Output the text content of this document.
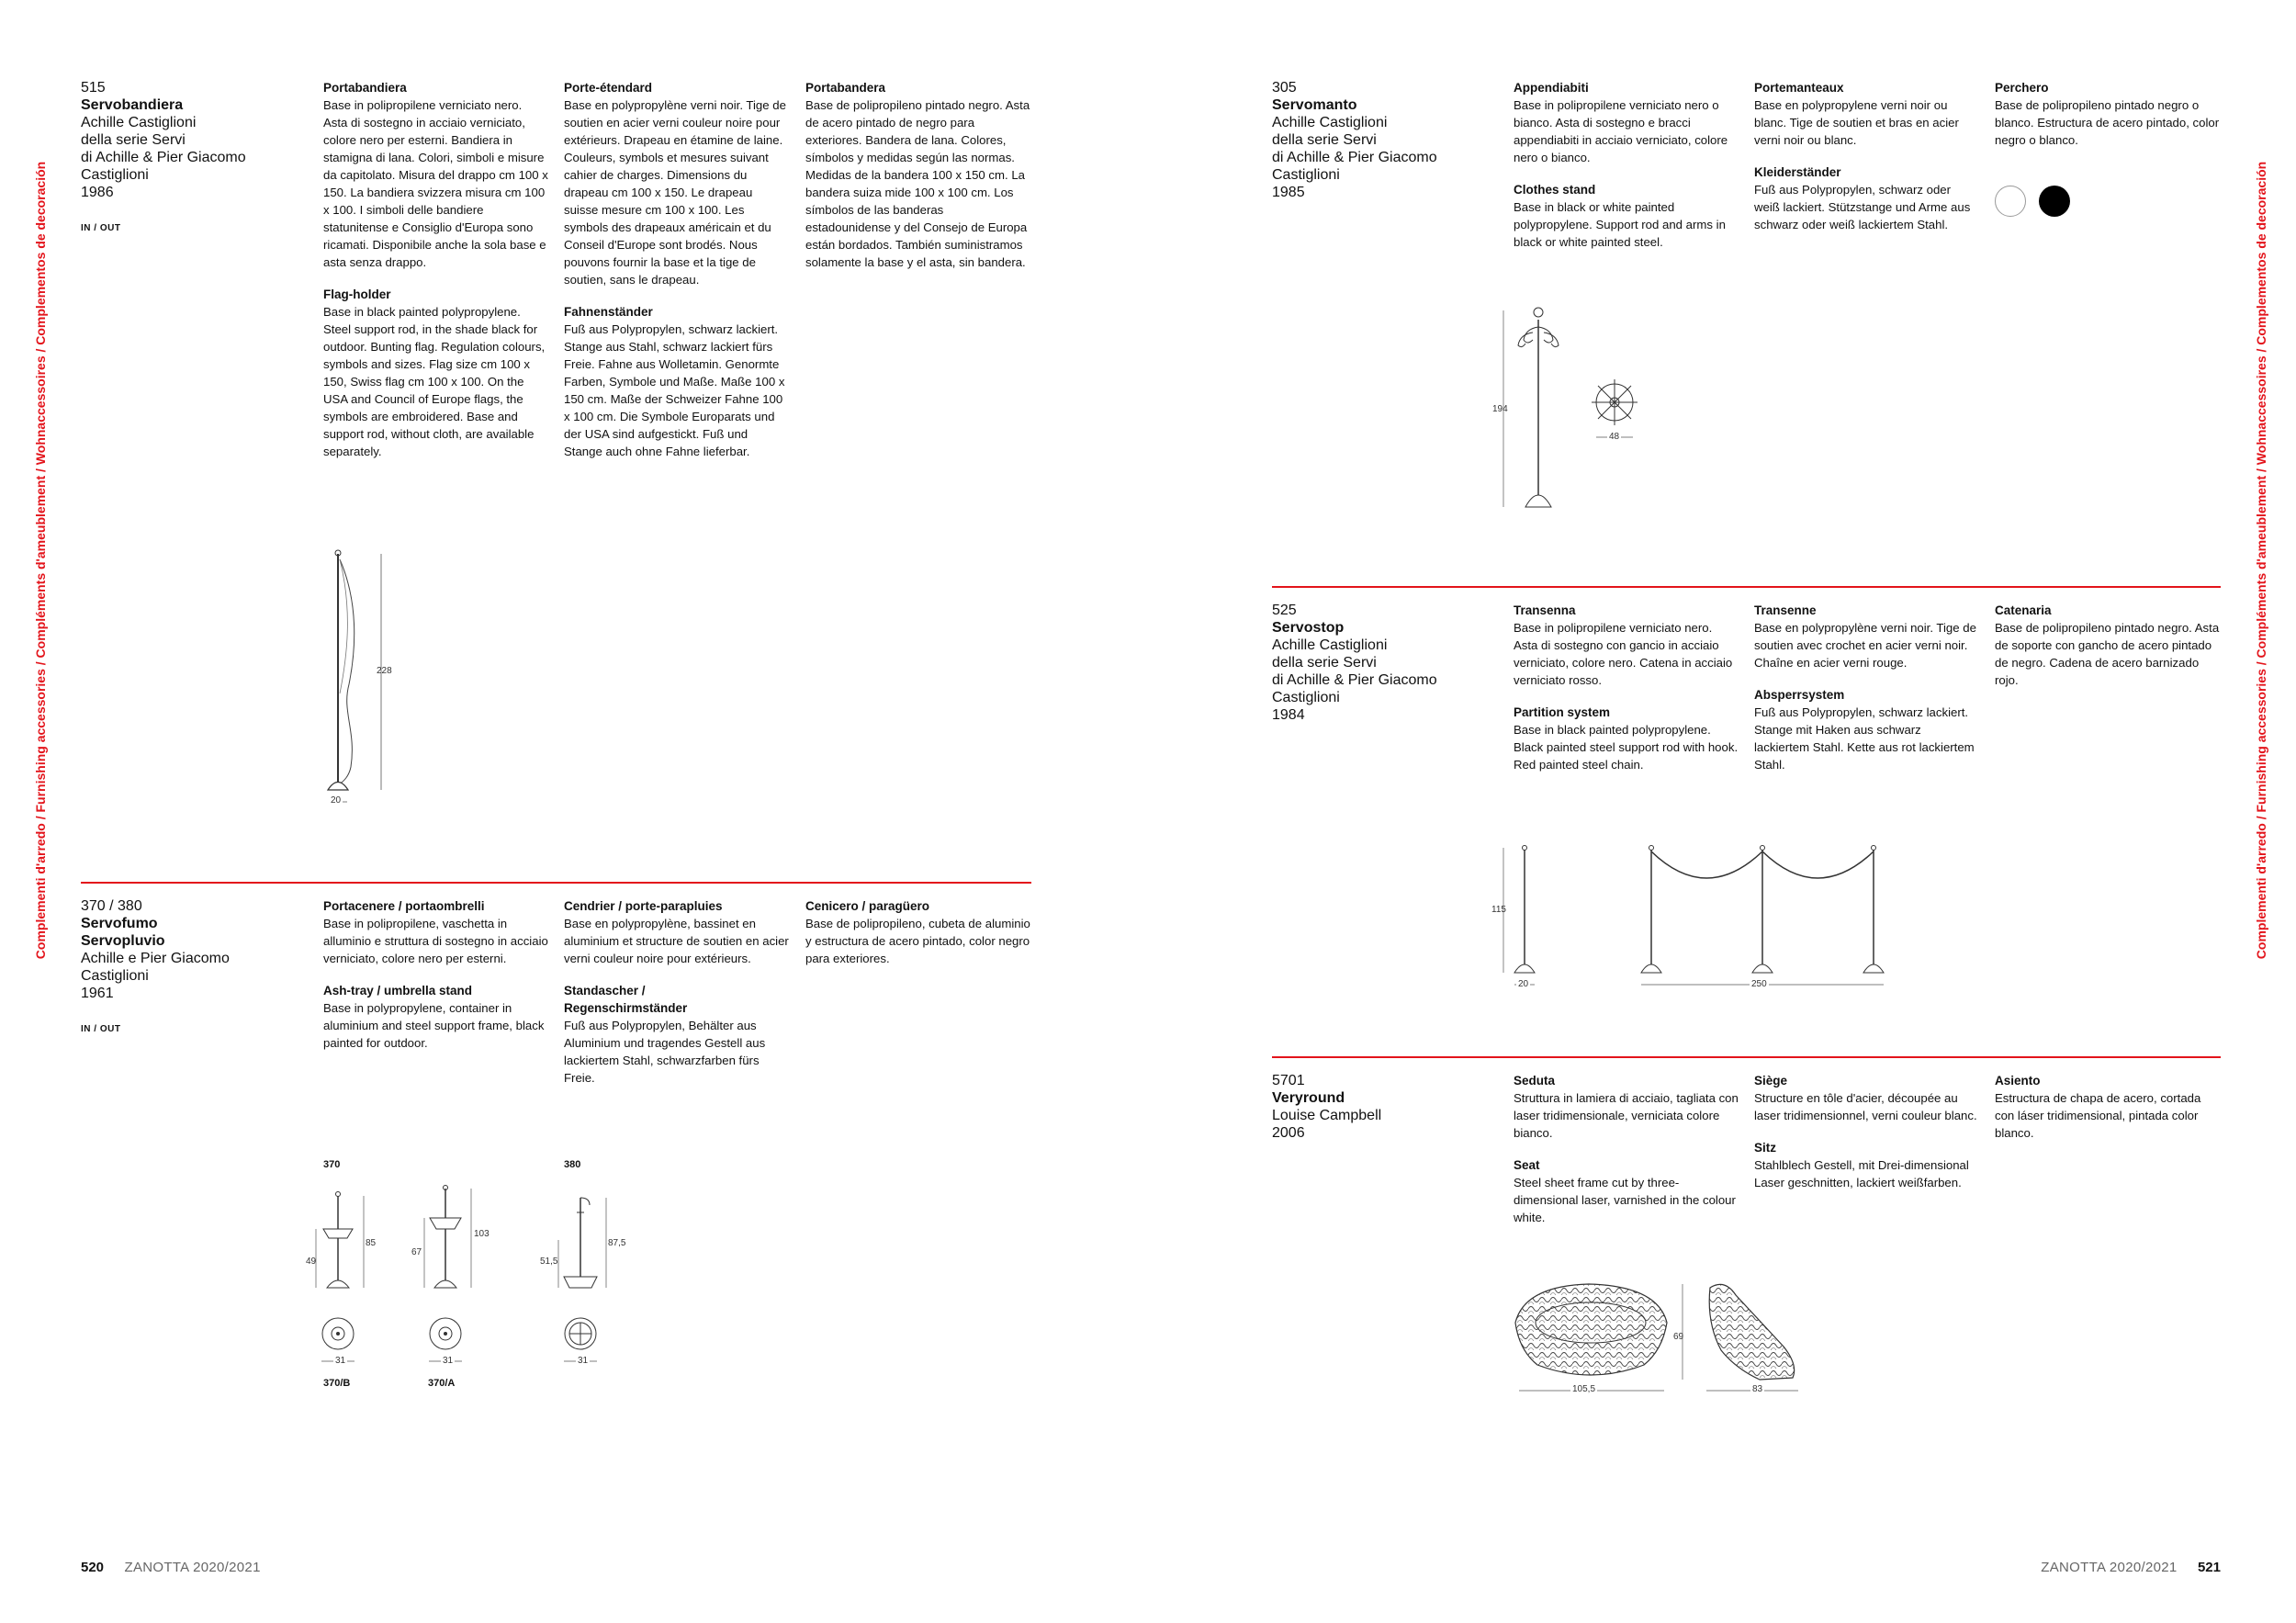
Complementi d'arredo / Furnishing accessories / Compléments d'ameublement / Wohnaccessoires / Complementos de decoración	Complementi d'arredo / Furnishing accessories / Compléments d'ameublement / Wohnaccessoires / Complementos de decoración
515
Servobandiera
Achille Castiglioni
della serie Servi
di Achille & Pier Giacomo
Castiglioni
1986
IN / OUT
Portabandiera

Base in polipropilene verniciato nero. Asta di sostegno in acciaio verniciato, colore nero per esterni. Bandiera in stamigna di lana. Colori, simboli e misure da capitolato. Misura del drappo cm 100 x 150. La bandiera svizzera misura cm 100 x 100. I simboli delle bandiere statunitense e Consiglio d'Europa sono ricamati. Disponibile anche la sola base e asta senza drappo.

Flag-holder

Base in black painted polypropylene. Steel support rod, in the shade black for outdoor. Bunting flag. Regulation colours, symbols and sizes. Flag size cm 100 x 150, Swiss flag cm 100 x 100. On the USA and Council of Europe flags, the symbols are embroidered. Base and support rod, without cloth, are available separately.

Porte-étendard

Base en polypropylène verni noir. Tige de soutien en acier verni couleur noire pour extérieurs. Drapeau en étamine de laine. Couleurs, symbols et mesures suivant cahier de charges. Dimensions du drapeau cm 100 x 150. Le drapeau suisse mesure cm 100 x 100. Les symbols des drapeaux américain et du Conseil d'Europe sont brodés. Nous pouvons fournir la base et la tige de soutien, sans le drapeau.

Fahnenständer

Fuß aus Polypropylen, schwarz lackiert. Stange aus Stahl, schwarz lackiert fürs Freie. Fahne aus Wolletamin. Genormte Farben, Symbole und Maße. Maße 100 x 150 cm. Maße der Schweizer Fahne 100 x 100 cm. Die Symbole Europarats und der USA sind aufgestickt. Fuß und Stange auch ohne Fahne lieferbar.

Portabandera

Base de polipropileno pintado negro. Asta de acero pintado de negro para exteriores. Bandera de lana. Colores, símbolos y medidas según las normas. Medidas de la bandera 100 x 150 cm. La bandera suiza mide 100 x 100 cm. Los símbolos de las banderas estadounidense y del Consejo de Europa están bordados. También suministramos solamente la base y el asta, sin bandera.

228
20
370 / 380
Servofumo
Servopluvio
Achille e Pier Giacomo
Castiglioni
1961
IN / OUT
Portacenere / portaombrelli

Base in polipropilene, vaschetta in alluminio e struttura di sostegno in acciaio verniciato, colore nero per esterni.

Ash-tray / umbrella stand

Base in polypropylene, container in aluminium and steel support frame, black painted for outdoor.

Cendrier / porte-parapluies

Base en polypropylène, bassinet en aluminium et structure de soutien en acier verni couleur noire pour extérieurs.

Standascher /
Regenschirmständer

Fuß aus Polypropylen, Behälter aus Aluminium und tragendes Gestell aus lackiertem Stahl, schwarzfarben fürs Freie.

Cenicero / paragüero

Base de polipropileno, cubeta de aluminio y estructura de acero pintado, color negro para exteriores.

370	380
370/B	370/A
49
85
67
103
51,5
87,5
31	31	31
305
Servomanto
Achille Castiglioni
della serie Servi
di Achille & Pier Giacomo
Castiglioni
1985
Appendiabiti

Base in polipropilene verniciato nero o bianco. Asta di sostegno e bracci appendiabiti in acciaio verniciato, colore nero o bianco.

Clothes stand

Base in black or white painted polypropylene. Support rod and arms in black or white painted steel.

Portemanteaux

Base en polypropylene verni noir ou blanc. Tige de soutien et bras en acier verni noir ou blanc.

Kleiderständer

Fuß aus Polypropylen, schwarz oder weiß lackiert. Stützstange und Arme aus schwarz oder weiß lackiertem Stahl.

Perchero

Base de polipropileno pintado negro o blanco. Estructura de acero pintado, color negro o blanco.

194
48
525
Servostop
Achille Castiglioni
della serie Servi
di Achille & Pier Giacomo
Castiglioni
1984
Transenna

Base in polipropilene verniciato nero. Asta di sostegno con gancio in acciaio verniciato, colore nero. Catena in acciaio verniciato rosso.

Partition system

Base in black painted polypropylene. Black painted steel support rod with hook. Red painted steel chain.

Transenne

Base en polypropylène verni noir. Tige de soutien avec crochet en acier verni noir. Chaîne en acier verni rouge.

Absperrsystem

Fuß aus Polypropylen, schwarz lackiert. Stange mit Haken aus schwarz lackiertem Stahl. Kette aus rot lackiertem Stahl.

Catenaria

Base de polipropileno pintado negro. Asta de soporte con gancho de acero pintado de negro. Cadena de acero barnizado rojo.

115
20	250
5701
Veryround
Louise Campbell
2006
Seduta

Struttura in lamiera di acciaio, tagliata con laser tridimensionale, verniciata colore bianco.

Seat

Steel sheet frame cut by three-dimensional laser, varnished in the colour white.

Siège

Structure en tôle d'acier, découpée au laser tridimensionnel, verni couleur blanc.

Sitz

Stahlblech Gestell, mit Drei-dimensional Laser geschnitten, lackiert weißfarben.

Asiento

Estructura de chapa de acero, cortada con láser tridimensional, pintada color blanco.

105,5
69
83
520 ZANOTTA 2020/2021	ZANOTTA 2020/2021 521
